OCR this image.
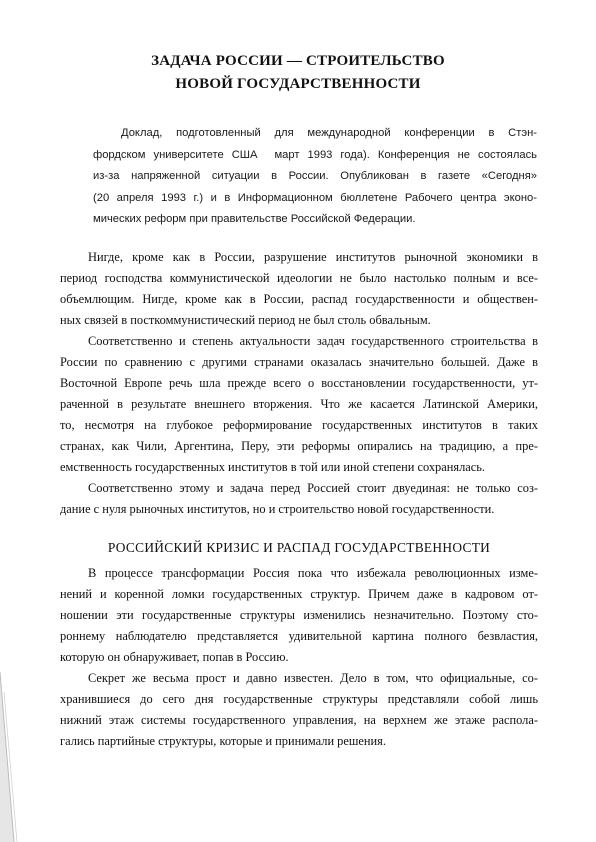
ЗАДАЧА РОССИИ — СТРОИТЕЛЬСТВО
НОВОЙ ГОСУДАРСТВЕННОСТИ
Доклад, подготовленный для международной конференции в Стэн-
фордском университете США март 1993 года). Конференция не состоялась
из-за напряженной ситуации в России. Опубликован в газете «Сегодня»
(20 апреля 1993 г.) и в Информационном бюллетене Рабочего центра эконо-
мических реформ при правительстве Российской Федерации.
Нигде, кроме как в России, разрушение институтов рыночной экономики в
период господства коммунистической идеологии не было настолько полным и все-
объемлющим. Нигде, кроме как в России, распад государственности и обществен-
ных связей в посткоммунистический период не был столь обвальным.
Соответственно и степень актуальности задач государственного строительства в
России по сравнению с другими странами оказалась значительно большей. Даже в
Восточной Европе речь шла прежде всего о восстановлении государственности, ут-
раченной в результате внешнего вторжения. Что же касается Латинской Америки,
то, несмотря на глубокое реформирование государственных институтов в таких
странах, как Чили, Аргентина, Перу, эти реформы опирались на традицию, а пре-
емственность государственных институтов в той или иной степени сохранялась.
Соответственно этому и задача перед Россией стоит двуединая: не только соз-
дание с нуля рыночных институтов, но и строительство новой государственности.
РОССИЙСКИЙ КРИЗИС И РАСПАД ГОСУДАРСТВЕННОСТИ
В процессе трансформации Россия пока что избежала революционных изме-
нений и коренной ломки государственных структур. Причем даже в кадровом от-
ношении эти государственные структуры изменились незначительно. Поэтому сто-
роннему наблюдателю представляется удивительной картина полного безвластия,
которую он обнаруживает, попав в Россию.
Секрет же весьма прост и давно известен. Дело в том, что официальные, со-
хранившиеся до сего дня государственные структуры представляли собой лишь
нижний этаж системы государственного управления, на верхнем же этаже распола-
гались партийные структуры, которые и принимали решения.
